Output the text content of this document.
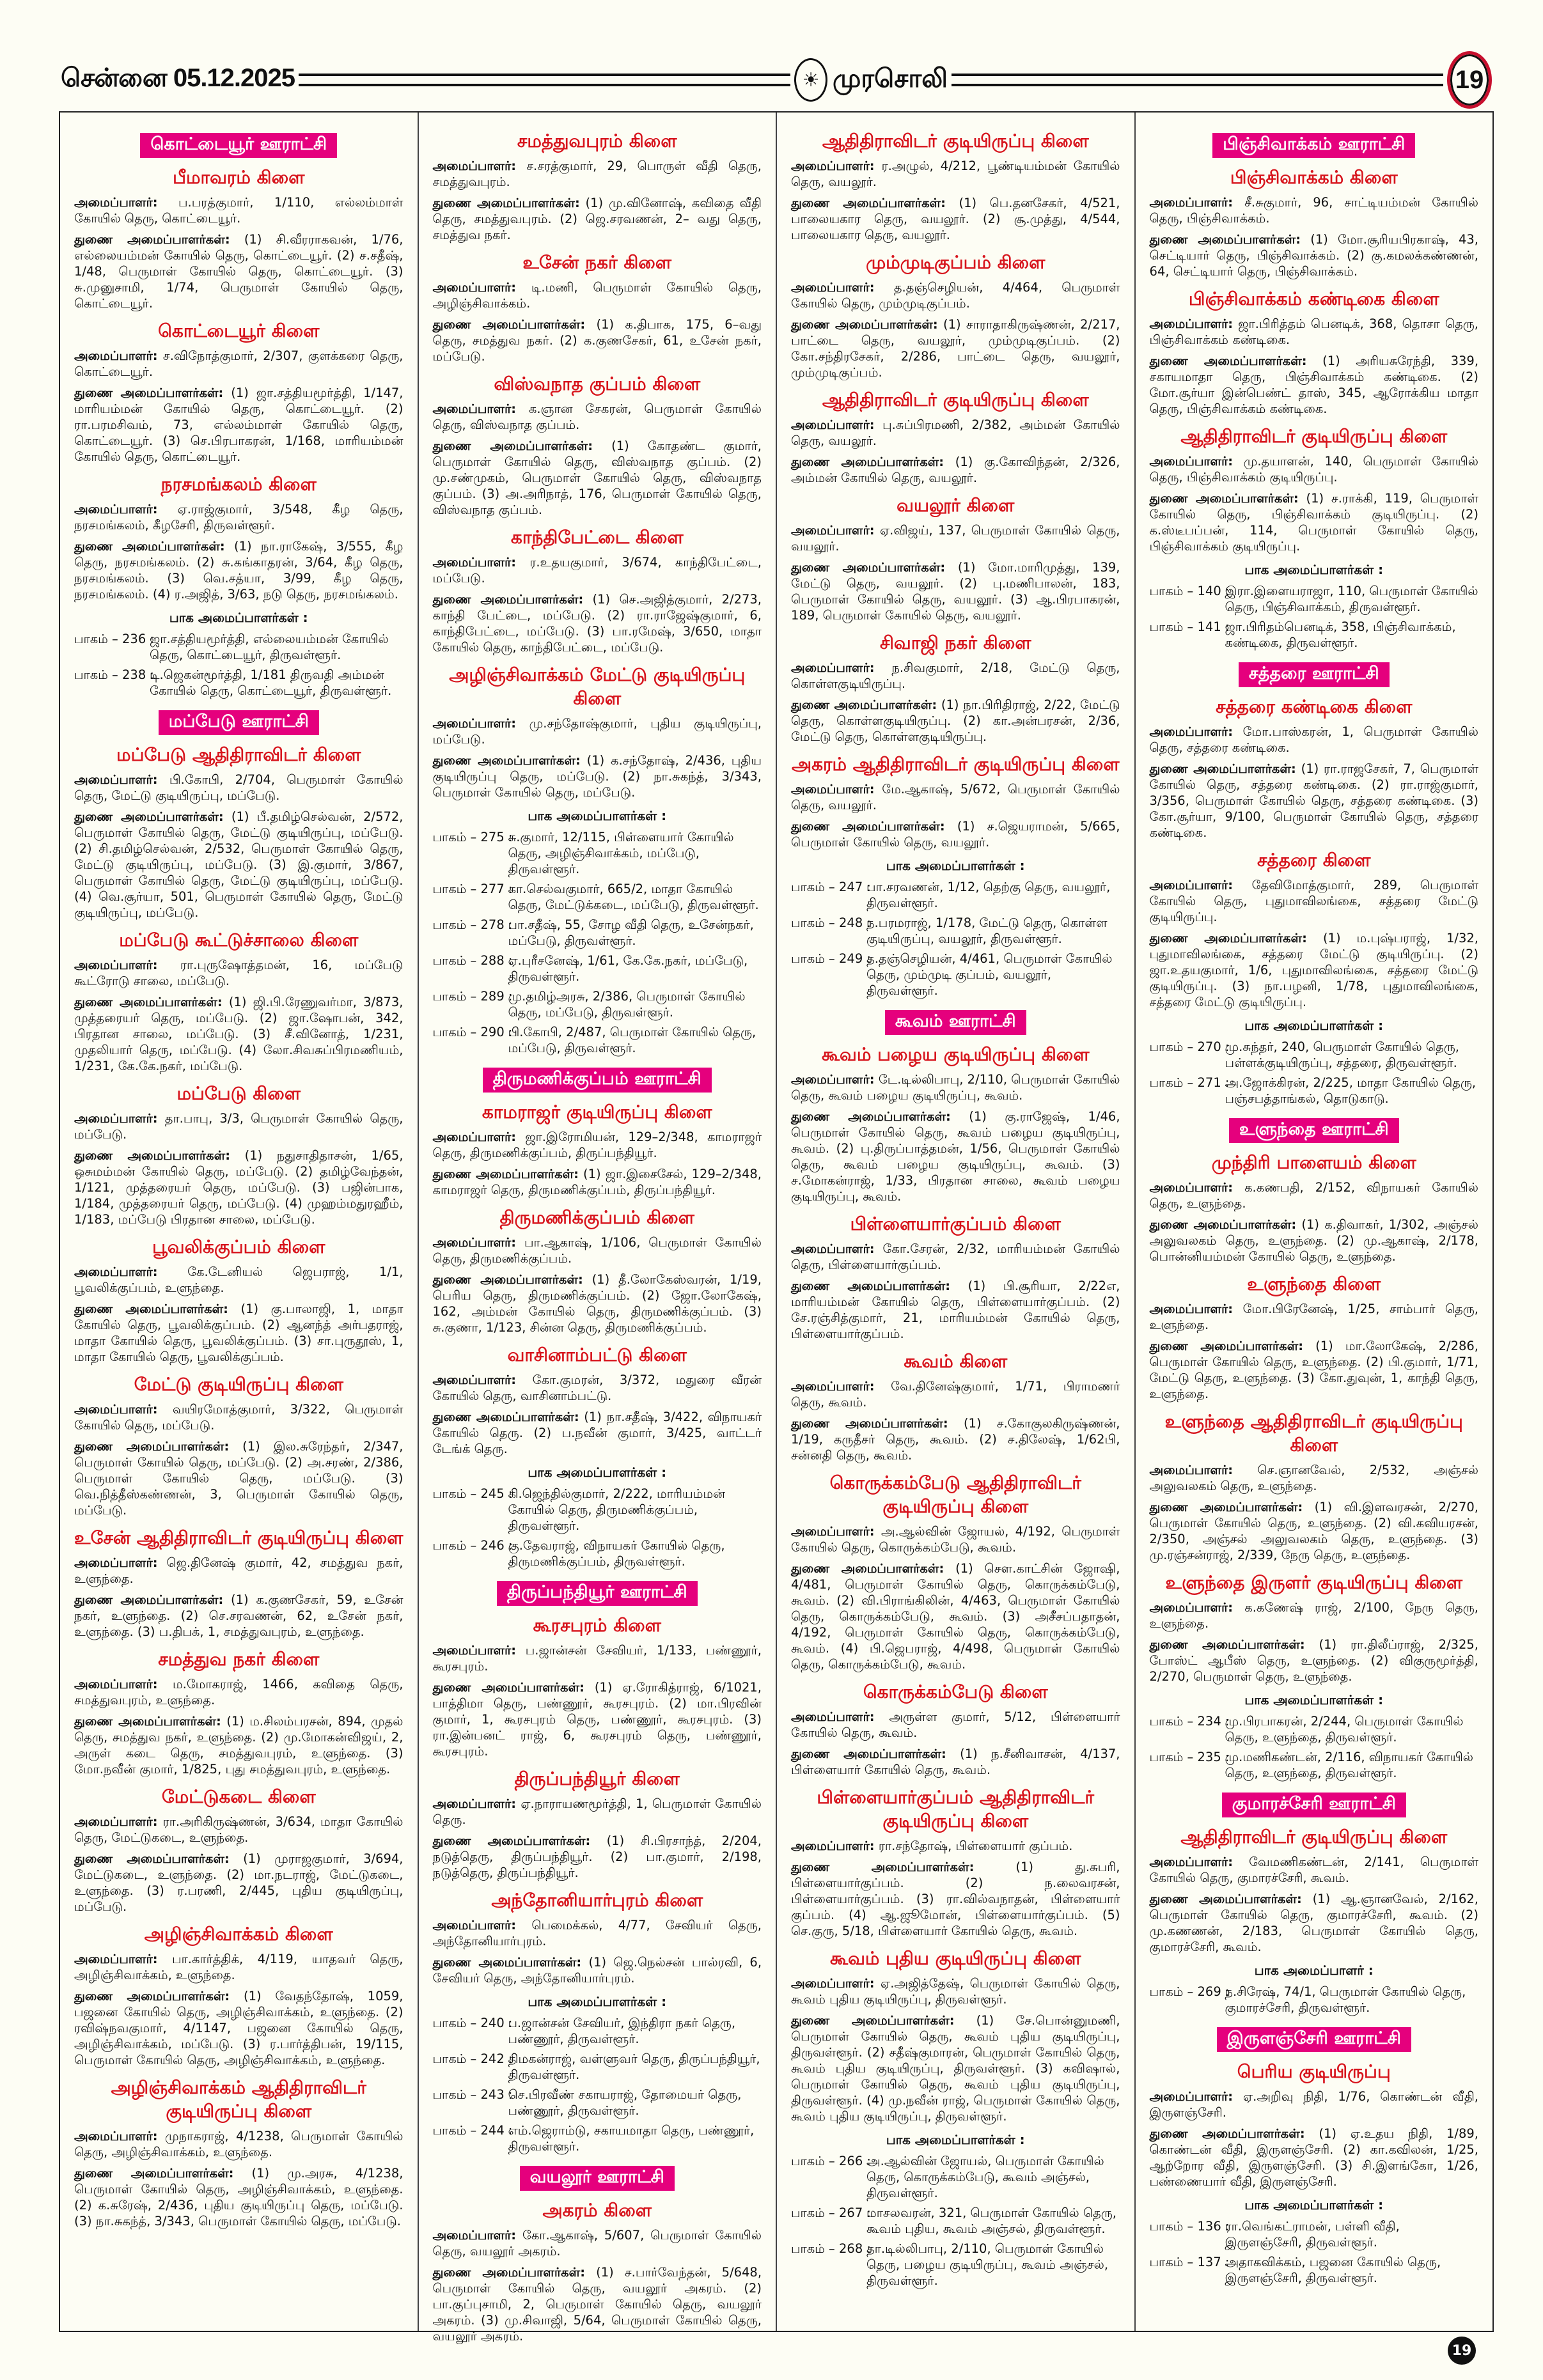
சென்னை 05.12.2025	☀ முரசொலி	19
கொட்டையூர் ஊராட்சி
பீமாவரம் கிளை
அமைப்பாளர்: ப.பரத்குமார், 1/110, எல்லம்மாள் கோயில் தெரு, கொட்டையூர்.
துணை அமைப்பாளர்கள்: (1) சி.வீரராகவன், 1/76, எல்லையம்மன் கோயில் தெரு, கொட்டையூர். (2) ச.சதீஷ், 1/48, பெருமாள் கோயில் தெரு, கொட்டையூர். (3) சு.முனுசாமி, 1/74, பெருமாள் கோயில் தெரு, கொட்டையூர்.
கொட்டையூர் கிளை
அமைப்பாளர்: ச.விநோத்குமார், 2/307, குளக்கரை தெரு, கொட்டையூர்.
துணை அமைப்பாளர்கள்: (1) ஜா.சத்தியமூர்த்தி, 1/147, மாரியம்மன் கோயில் தெரு, கொட்டையூர். (2) ரா.பரமசிவம், 73, எல்லம்மாள் கோயில் தெரு, கொட்டையூர். (3) செ.பிரபாகரன், 1/168, மாரியம்மன் கோயில் தெரு, கொட்டையூர்.
நரசமங்கலம் கிளை
அமைப்பாளர்: ஏ.ராஜ்குமார், 3/548, கீழ தெரு, நரசமங்கலம், கீழசேரி, திருவள்ளூர்.
துணை அமைப்பாளர்கள்: (1) நா.ராகேஷ், 3/555, கீழ தெரு, நரசமங்கலம். (2) சு.கங்காதரன், 3/64, கீழ தெரு, நரசமங்கலம். (3) வெ.சத்யா, 3/99, கீழ தெரு, நரசமங்கலம். (4) ர.அஜித், 3/63, நடு தெரு, நரசமங்கலம்.
பாக அமைப்பாளர்கள் :
பாகம் – 236 :
ஜா.சத்தியமூர்த்தி, எல்லையம்மன் கோயில் தெரு, கொட்டையூர், திருவள்ளூர்.
பாகம் – 238 :
டி.ஜெகன்மூர்த்தி, 1/181 திருவதி அம்மன் கோயில் தெரு, கொட்டையூர், திருவள்ளூர்.
மப்பேடு ஊராட்சி
மப்பேடு ஆதிதிராவிடர் கிளை
அமைப்பாளர்: பி.கோபி, 2/704, பெருமாள் கோயில் தெரு, மேட்டு குடியிருப்பு, மப்பேடு.
துணை அமைப்பாளர்கள்: (1) பீ.தமிழ்செல்வன், 2/572, பெருமாள் கோயில் தெரு, மேட்டு குடியிருப்பு, மப்பேடு. (2) சி.தமிழ்செல்வன், 2/532, பெருமாள் கோயில் தெரு, மேட்டு குடியிருப்பு, மப்பேடு. (3) இ.குமார், 3/867, பெருமாள் கோயில் தெரு, மேட்டு குடியிருப்பு, மப்பேடு. (4) வெ.சூர்யா, 501, பெருமாள் கோயில் தெரு, மேட்டு குடியிருப்பு, மப்பேடு.
மப்பேடு கூட்டுச்சாலை கிளை
அமைப்பாளர்: ரா.புருஷோத்தமன், 16, மப்பேடு கூட்ரோடு சாலை, மப்பேடு.
துணை அமைப்பாளர்கள்: (1) ஜி.பி.ரேணுவர்மா, 3/873, முத்தரையர் தெரு, மப்பேடு. (2) ஜா.ஷோபன், 342, பிரதான சாலை, மப்பேடு. (3) சீ.வினோத், 1/231, முதலியார் தெரு, மப்பேடு. (4) லோ.சிவசுப்பிரமணியம், 1/231, கே.கே.நகர், மப்பேடு.
மப்பேடு கிளை
அமைப்பாளர்: தா.பாபு, 3/3, பெருமாள் கோயில் தெரு, மப்பேடு.
துணை அமைப்பாளர்கள்: (1) நதுசாதிதாசன், 1/65, ஒசுமம்மன் கோயில் தெரு, மப்பேடு. (2) தமிழ்வேந்தன், 1/121, முத்தரையர் தெரு, மப்பேடு. (3) பஜின்பாக, 1/184, முத்தரையர் தெரு, மப்பேடு. (4) முஹம்மதுரஹீம், 1/183, மப்பேடு பிரதான சாலை, மப்பேடு.
பூவலிக்குப்பம் கிளை
அமைப்பாளர்: கே.டேனியல் ஜெபராஜ், 1/1, பூவலிக்குப்பம், உளுந்தை.
துணை அமைப்பாளர்கள்: (1) கு.பாலாஜி, 1, மாதா கோயில் தெரு, பூவலிக்குப்பம். (2) ஆனந்த் அர்பதராஜ், மாதா கோயில் தெரு, பூவலிக்குப்பம். (3) சா.புருதூஸ், 1, மாதா கோயில் தெரு, பூவலிக்குப்பம்.
மேட்டு குடியிருப்பு கிளை
அமைப்பாளர்: வயிரமோத்குமார், 3/322, பெருமாள் கோயில் தெரு, மப்பேடு.
துணை அமைப்பாளர்கள்: (1) இல.சுரேந்தர், 2/347, பெருமாள் கோயில் தெரு, மப்பேடு. (2) அ.சரண், 2/386, பெருமாள் கோயில் தெரு, மப்பேடு. (3) வெ.நித்தீஸ்கண்ணன், 3, பெருமாள் கோயில் தெரு, மப்பேடு.
உசேன் ஆதிதிராவிடர் குடியிருப்பு கிளை
அமைப்பாளர்: ஜெ.தினேஷ் குமார், 42, சமத்துவ நகர், உளுந்தை.
துணை அமைப்பாளர்கள்: (1) க.குணசேகர், 59, உசேன் நகர், உளுந்தை. (2) செ.சரவணன், 62, உசேன் நகர், உளுந்தை. (3) ப.திபக், 1, சமத்துவபுரம், உளுந்தை.
சமத்துவ நகர் கிளை
அமைப்பாளர்: ம.மோகராஜ், 1466, கவிதை தெரு, சமத்துவபுரம், உளுந்தை.
துணை அமைப்பாளர்கள்: (1) ம.சிலம்பரசன், 894, முதல் தெரு, சமத்துவ நகர், உளுந்தை. (2) மு.மோகன்விஜய், 2, அருள் கடை தெரு, சமத்துவபுரம், உளுந்தை. (3) மோ.நவீன் குமார், 1/825, புது சமத்துவபுரம், உளுந்தை.
மேட்டுகடை கிளை
அமைப்பாளர்: ரா.அரிகிருஷ்ணன், 3/634, மாதா கோயில் தெரு, மேட்டுகடை, உளுந்தை.
துணை அமைப்பாளர்கள்: (1) முராஜகுமார், 3/694, மேட்டுகடை, உளுந்தை. (2) மா.நடராஜ், மேட்டுகடை, உளுந்தை. (3) ர.பரணி, 2/445, புதிய குடியிருப்பு, மப்பேடு.
அழிஞ்சிவாக்கம் கிளை
அமைப்பாளர்: பா.கார்த்திக், 4/119, யாதவர் தெரு, அழிஞ்சிவாக்கம், உளுந்தை.
துணை அமைப்பாளர்கள்: (1) வேதந்தோஷ், 1059, பஜனை கோயில் தெரு, அழிஞ்சிவாக்கம், உளுந்தை. (2) ரவிஷ்நவகுமார், 4/1147, பஜனை கோயில் தெரு, அழிஞ்சிவாக்கம், மப்பேடு. (3) ர.பார்த்திபன், 19/115, பெருமாள் கோயில் தெரு, அழிஞ்சிவாக்கம், உளுந்தை.
அழிஞ்சிவாக்கம் ஆதிதிராவிடர் குடியிருப்பு கிளை
அமைப்பாளர்: முநாகராஜ், 4/1238, பெருமாள் கோயில் தெரு, அழிஞ்சிவாக்கம், உளுந்தை.
துணை அமைப்பாளர்கள்: (1) மு.அரசு, 4/1238, பெருமாள் கோயில் தெரு, அழிஞ்சிவாக்கம், உளுந்தை. (2) க.சுரேஷ், 2/436, புதிய குடியிருப்பு தெரு, மப்பேடு. (3) நா.சுகந்த், 3/343, பெருமாள் கோயில் தெரு, மப்பேடு.
சமத்துவபுரம் கிளை
அமைப்பாளர்: ச.சரத்குமார், 29, பொருள் வீதி தெரு, சமத்துவபுரம்.
துணை அமைப்பாளர்கள்: (1) மு.வினோஷ், கவிதை வீதி தெரு, சமத்துவபுரம். (2) ஜெ.சரவணன், 2– வது தெரு, சமத்துவ நகர்.
உசேன் நகர் கிளை
அமைப்பாளர்: டி.மணி, பெருமாள் கோயில் தெரு, அழிஞ்சிவாக்கம்.
துணை அமைப்பாளர்கள்: (1) க.திபாக, 175, 6–வது தெரு, சமத்துவ நகர். (2) க.குணசேகர், 61, உசேன் நகர், மப்பேடு.
விஸ்வநாத குப்பம் கிளை
அமைப்பாளர்: க.ஞான சேகரன், பெருமாள் கோயில் தெரு, விஸ்வநாத குப்பம்.
துணை அமைப்பாளர்கள்: (1) கோதண்ட குமார், பெருமாள் கோயில் தெரு, விஸ்வநாத குப்பம். (2) மு.சண்முகம், பெருமாள் கோயில் தெரு, விஸ்வநாத குப்பம். (3) அ.அரிநாத், 176, பெருமாள் கோயில் தெரு, விஸ்வநாத குப்பம்.
காந்திபேட்டை கிளை
அமைப்பாளர்: ர.உதயகுமார், 3/674, காந்திபேட்டை, மப்பேடு.
துணை அமைப்பாளர்கள்: (1) செ.அஜித்குமார், 2/273, காந்தி பேட்டை, மப்பேடு. (2) ரா.ராஜேஷ்குமார், 6, காந்திபேட்டை, மப்பேடு. (3) பா.ரமேஷ், 3/650, மாதா கோயில் தெரு, காந்திபேட்டை, மப்பேடு.
அழிஞ்சிவாக்கம் மேட்டு குடியிருப்பு கிளை
அமைப்பாளர்: மு.சந்தோஷ்குமார், புதிய குடியிருப்பு, மப்பேடு.
துணை அமைப்பாளர்கள்: (1) க.சந்தோஷ், 2/436, புதிய குடியிருப்பு தெரு, மப்பேடு. (2) நா.சுகந்த், 3/343, பெருமாள் கோயில் தெரு, மப்பேடு.
பாக அமைப்பாளர்கள் :
பாகம் – 275 :
சு.குமார், 12/115, பிள்ளையார் கோயில் தெரு, அழிஞ்சிவாக்கம், மப்பேடு, திருவள்ளூர்.
பாகம் – 277 :
கா.செல்வகுமார், 665/2, மாதா கோயில் தெரு, மேட்டுக்கடை, மப்பேடு, திருவள்ளூர்.
பாகம் – 278 :
பா.சதீஷ், 55, சோழ வீதி தெரு, உசேன்நகர், மப்பேடு, திருவள்ளூர்.
பாகம் – 288 :
ஏ.புரீசனேஷ், 1/61, கே.கே.நகர், மப்பேடு, திருவள்ளூர்.
பாகம் – 289 :
மு.தமிழ்அரசு, 2/386, பெருமாள் கோயில் தெரு, மப்பேடு, திருவள்ளூர்.
பாகம் – 290 :
பி.கோபி, 2/487, பெருமாள் கோயில் தெரு, மப்பேடு, திருவள்ளூர்.
திருமணிக்குப்பம் ஊராட்சி
காமராஜர் குடியிருப்பு கிளை
அமைப்பாளர்: ஜா.இரோமியன், 129–2/348, காமராஜர் தெரு, திருமணிக்குப்பம், திருப்பந்தியூர்.
துணை அமைப்பாளர்கள்: (1) ஜா.இசைசேல், 129–2/348, காமராஜர் தெரு, திருமணிக்குப்பம், திருப்பந்தியூர்.
திருமணிக்குப்பம் கிளை
அமைப்பாளர்: பா.ஆகாஷ், 1/106, பெருமாள் கோயில் தெரு, திருமணிக்குப்பம்.
துணை அமைப்பாளர்கள்: (1) தீ.லோகேஸ்வரன், 1/19, பெரிய தெரு, திருமணிக்குப்பம். (2) ஜோ.லோகேஷ், 162, அம்மன் கோயில் தெரு, திருமணிக்குப்பம். (3) சு.குணா, 1/123, சின்ன தெரு, திருமணிக்குப்பம்.
வாசினாம்பட்டு கிளை
அமைப்பாளர்: கோ.குமரன், 3/372, மதுரை வீரன் கோயில் தெரு, வாசினாம்பட்டு.
துணை அமைப்பாளர்கள்: (1) நா.சதீஷ், 3/422, விநாயகர் கோயில் தெரு. (2) ப.நவீன் குமார், 3/425, வாட்டர் டேங்க் தெரு.
பாக அமைப்பாளர்கள் :
பாகம் – 245 :
கி.ஜெந்தில்குமார், 2/222, மாரியம்மன் கோயில் தெரு, திருமணிக்குப்பம், திருவள்ளூர்.
பாகம் – 246 :
கு.தேவராஜ், விநாயகர் கோயில் தெரு, திருமணிக்குப்பம், திருவள்ளூர்.
திருப்பந்தியூர் ஊராட்சி
கூரசபுரம் கிளை
அமைப்பாளர்: ப.ஜான்சன் சேவியர், 1/133, பண்ணூர், கூரசபுரம்.
துணை அமைப்பாளர்கள்: (1) ஏ.ரோகித்ராஜ், 6/1021, பாத்திமா தெரு, பண்ணூர், கூரசபுரம். (2) மா.பிரவின் குமார், 1, கூரசபுரம் தெரு, பண்ணூர், கூரசபுரம். (3) ரா.இன்பனட் ராஜ், 6, கூரசபுரம் தெரு, பண்ணூர், கூரசபுரம்.
திருப்பந்தியூர் கிளை
அமைப்பாளர்: ஏ.நாராயணமூர்த்தி, 1, பெருமாள் கோயில் தெரு.
துணை அமைப்பாளர்கள்: (1) சி.பிரசாந்த், 2/204, நடுத்தெரு, திருப்பந்தியூர். (2) பா.குமார், 2/198, நடுத்தெரு, திருப்பந்தியூர்.
அந்தோனியார்புரம் கிளை
அமைப்பாளர்: பெமைக்கல், 4/77, சேவியர் தெரு, அந்தோனியார்புரம்.
துணை அமைப்பாளர்கள்: (1) ஜெ.நெல்சன் பால்ரவி, 6, சேவியர் தெரு, அந்தோனியார்புரம்.
பாக அமைப்பாளர்கள் :
பாகம் – 240 :
ப.ஜான்சன் சேவியர், இந்திரா நகர் தெரு, பண்ணூர், திருவள்ளூர்.
பாகம் – 242 :
திமகன்ராஜ், வள்ளுவர் தெரு, திருப்பந்தியூர், திருவள்ளூர்.
பாகம் – 243 :
செ.பிரவீண் சகாயராஜ், தோமையர் தெரு, பண்ணூர், திருவள்ளூர்.
பாகம் – 244 :
எம்.ஜெராம்டு, சகாயமாதா தெரு, பண்ணூர், திருவள்ளூர்.
வயலூர் ஊராட்சி
அகரம் கிளை
அமைப்பாளர்: கோ.ஆகாஷ், 5/607, பெருமாள் கோயில் தெரு, வயலூர் அகரம்.
துணை அமைப்பாளர்கள்: (1) ச.பார்வேந்தன், 5/648, பெருமாள் கோயில் தெரு, வயலூர் அகரம். (2) பா.குப்புசாமி, 2, பெருமாள் கோயில் தெரு, வயலூர் அகரம். (3) மு.சிவாஜி, 5/64, பெருமாள் கோயில் தெரு, வயலூர் அகரம்.
ஆதிதிராவிடர் குடியிருப்பு கிளை
அமைப்பாளர்: ர.அழுல், 4/212, பூண்டியம்மன் கோயில் தெரு, வயலூர்.
துணை அமைப்பாளர்கள்: (1) பெ.தனசேகர், 4/521, பாலையகார தெரு, வயலூர். (2) சூ.முத்து, 4/544, பாலையகார தெரு, வயலூர்.
மும்முடிகுப்பம் கிளை
அமைப்பாளர்: த.தஞ்செழியன், 4/464, பெருமாள் கோயில் தெரு, மும்முடிகுப்பம்.
துணை அமைப்பாளர்கள்: (1) சாராதாகிருஷ்ணன், 2/217, பாட்டை தெரு, வயலூர், மும்முடிகுப்பம். (2) கோ.சந்திரசேகர், 2/286, பாட்டை தெரு, வயலூர், மும்முடிகுப்பம்.
ஆதிதிராவிடர் குடியிருப்பு கிளை
அமைப்பாளர்: பு.சுப்பிரமணி, 2/382, அம்மன் கோயில் தெரு, வயலூர்.
துணை அமைப்பாளர்கள்: (1) கு.கோவிந்தன், 2/326, அம்மன் கோயில் தெரு, வயலூர்.
வயலூர் கிளை
அமைப்பாளர்: ஏ.விஜய், 137, பெருமாள் கோயில் தெரு, வயலூர்.
துணை அமைப்பாளர்கள்: (1) மோ.மாரிமுத்து, 139, மேட்டு தெரு, வயலூர். (2) பு.மணிபாலன், 183, பெருமாள் கோயில் தெரு, வயலூர். (3) ஆ.பிரபாகரன், 189, பெருமாள் கோயில் தெரு, வயலூர்.
சிவாஜி நகர் கிளை
அமைப்பாளர்: ந.சிவகுமார், 2/18, மேட்டு தெரு, கொள்ளகுடியிருப்பு.
துணை அமைப்பாளர்கள்: (1) நா.பிரிதிராஜ், 2/22, மேட்டு தெரு, கொள்ளகுடியிருப்பு. (2) கா.அன்பரசன், 2/36, மேட்டு தெரு, கொள்ளகுடியிருப்பு.
அகரம் ஆதிதிராவிடர் குடியிருப்பு கிளை
அமைப்பாளர்: மே.ஆகாஷ், 5/672, பெருமாள் கோயில் தெரு, வயலூர்.
துணை அமைப்பாளர்கள்: (1) ச.ஜெயராமன், 5/665, பெருமாள் கோயில் தெரு, வயலூர்.
பாக அமைப்பாளர்கள் :
பாகம் – 247 :
பா.சரவணன், 1/12, தெற்கு தெரு, வயலூர், திருவள்ளூர்.
பாகம் – 248 :
ந.பரமராஜ், 1/178, மேட்டு தெரு, கொள்ள குடியிருப்பு, வயலூர், திருவள்ளூர்.
பாகம் – 249 :
த.தஞ்செழியன், 4/461, பெருமாள் கோயில் தெரு, மும்முடி குப்பம், வயலூர், திருவள்ளூர்.
கூவம் ஊராட்சி
கூவம் பழைய குடியிருப்பு கிளை
அமைப்பாளர்: டே.டில்லிபாபு, 2/110, பெருமாள் கோயில் தெரு, கூவம் பழைய குடியிருப்பு, கூவம்.
துணை அமைப்பாளர்கள்: (1) கு.ராஜேஷ், 1/46, பெருமாள் கோயில் தெரு, கூவம் பழைய குடியிருப்பு, கூவம். (2) பு.திருப்பாத்தமன், 1/56, பெருமாள் கோயில் தெரு, கூவம் பழைய குடியிருப்பு, கூவம். (3) ச.மோகன்ராஜ், 1/33, பிரதான சாலை, கூவம் பழைய குடியிருப்பு, கூவம்.
பிள்ளையார்குப்பம் கிளை
அமைப்பாளர்: கோ.சேரன், 2/32, மாரியம்மன் கோயில் தெரு, பிள்ளையார்குப்பம்.
துணை அமைப்பாளர்கள்: (1) பி.சூரியா, 2/22எ, மாரியம்மன் கோயில் தெரு, பிள்ளையார்குப்பம். (2) சே.ரஞ்சித்குமார், 21, மாரியம்மன் கோயில் தெரு, பிள்ளையார்குப்பம்.
கூவம் கிளை
அமைப்பாளர்: வே.தினேஷ்குமார், 1/71, பிராமணர் தெரு, கூவம்.
துணை அமைப்பாளர்கள்: (1) ச.கோகுலகிருஷ்ணன், 1/19, கருதீசர் தெரு, கூவம். (2) ச.திலேஷ், 1/62பி, சன்னதி தெரு, கூவம்.
கொருக்கம்பேடு ஆதிதிராவிடர் குடியிருப்பு கிளை
அமைப்பாளர்: அ.ஆல்வின் ஜோயல், 4/192, பெருமாள் கோயில் தெரு, கொருக்கம்பேடு, கூவம்.
துணை அமைப்பாளர்கள்: (1) செள.காட்சின் ஜோஷி, 4/481, பெருமாள் கோயில் தெரு, கொருக்கம்பேடு, கூவம். (2) வி.பிராங்கிலின், 4/463, பெருமாள் கோயில் தெரு, கொருக்கம்பேடு, கூவம். (3) அசீசப்பதாதன், 4/192, பெருமாள் கோயில் தெரு, கொருக்கம்பேடு, கூவம். (4) பி.ஜெபராஜ், 4/498, பெருமாள் கோயில் தெரு, கொருக்கம்பேடு, கூவம்.
கொருக்கம்பேடு கிளை
அமைப்பாளர்: அருள்ள குமார், 5/12, பிள்ளையார் கோயில் தெரு, கூவம்.
துணை அமைப்பாளர்கள்: (1) ந.சீனிவாசன், 4/137, பிள்ளையார் கோயில் தெரு, கூவம்.
பிள்ளையார்குப்பம் ஆதிதிராவிடர் குடியிருப்பு கிளை
அமைப்பாளர்: ரா.சந்தோஷ், பிள்ளையார் குப்பம்.
துணை அமைப்பாளர்கள்:	(1) து.சுபரி, பிள்ளையார்குப்பம். (2) ந.லைவரசன், பிள்ளையார்குப்பம். (3) ரா.வில்வநாதன், பிள்ளையார் குப்பம். (4) ஆ.ஜூமோன், பிள்ளையார்குப்பம். (5) செ.குரு, 5/18, பிள்ளையார் கோயில் தெரு, கூவம்.
கூவம் புதிய குடியிருப்பு கிளை
அமைப்பாளர்: ஏ.அஜித்தேஷ், பெருமாள் கோயில் தெரு, கூவம் புதிய குடியிருப்பு, திருவள்ளூர்.
துணை அமைப்பாளர்கள்: (1) சே.பொன்னுமணி, பெருமாள் கோயில் தெரு, கூவம் புதிய குடியிருப்பு, திருவள்ளூர். (2) சதீஷ்குமாரன், பெருமாள் கோயில் தெரு, கூவம் புதிய குடியிருப்பு, திருவள்ளூர். (3) கவிஷால், பெருமாள் கோயில் தெரு, கூவம் புதிய குடியிருப்பு, திருவள்ளூர். (4) மு.நவீன் ராஜ், பெருமாள் கோயில் தெரு, கூவம் புதிய குடியிருப்பு, திருவள்ளூர்.
பாக அமைப்பாளர்கள் :
பாகம் – 266 :
அ.ஆல்வின் ஜோயல், பெருமாள் கோயில் தெரு, கொருக்கம்பேடு, கூவம் அஞ்சல், திருவள்ளூர்.
பாகம் – 267 :
மாசலவரன், 321, பெருமாள் கோயில் தெரு, கூவம் புதிய, கூவம் அஞ்சல், திருவள்ளூர்.
பாகம் – 268 :
தா.டில்லிபாபு, 2/110, பெருமாள் கோயில் தெரு, பழைய குடியிருப்பு, கூவம் அஞ்சல், திருவள்ளூர்.
பிஞ்சிவாக்கம் ஊராட்சி
பிஞ்சிவாக்கம் கிளை
அமைப்பாளர்: சீ.சுகுமார், 96, சாட்டியம்மன் கோயில் தெரு, பிஞ்சிவாக்கம்.
துணை அமைப்பாளர்கள்: (1) மோ.சூரியபிரகாஷ், 43, செட்டியார் தெரு, பிஞ்சிவாக்கம். (2) கு.கமலக்கண்ணன், 64, செட்டியார் தெரு, பிஞ்சிவாக்கம்.
பிஞ்சிவாக்கம் கண்டிகை கிளை
அமைப்பாளர்: ஜா.பிரித்தம் பெனடிக், 368, தொசா தெரு, பிஞ்சிவாக்கம் கண்டிகை.
துணை அமைப்பாளர்கள்: (1) அரியசுரேந்தி, 339, சகாயமாதா தெரு, பிஞ்சிவாக்கம் கண்டிகை. (2) மோ.சூர்யா இன்பெண்ட் தாஸ், 345, ஆரோக்கிய மாதா தெரு, பிஞ்சிவாக்கம் கண்டிகை.
ஆதிதிராவிடர் குடியிருப்பு கிளை
அமைப்பாளர்: மு.தயாளன், 140, பெருமாள் கோயில் தெரு, பிஞ்சிவாக்கம் குடியிருப்பு.
துணை அமைப்பாளர்கள்: (1) ச.ராக்கி, 119, பெருமாள் கோயில் தெரு, பிஞ்சிவாக்கம் குடியிருப்பு. (2) க.ஸ்டீபப்பன், 114, பெருமாள் கோயில் தெரு, பிஞ்சிவாக்கம் குடியிருப்பு.
பாக அமைப்பாளர்கள் :
பாகம் – 140 :
இரா.இளையராஜா, 110, பெருமாள் கோயில் தெரு, பிஞ்சிவாக்கம், திருவள்ளூர்.
பாகம் – 141 :
ஜா.பிரிதம்பெனடிக், 358, பிஞ்சிவாக்கம், கண்டிகை, திருவள்ளூர்.
சத்தரை ஊராட்சி
சத்தரை கண்டிகை கிளை
அமைப்பாளர்: மோ.பாஸ்கரன், 1, பெருமாள் கோயில் தெரு, சத்தரை கண்டிகை.
துணை அமைப்பாளர்கள்: (1) ரா.ராஜசேகர், 7, பெருமாள் கோயில் தெரு, சத்தரை கண்டிகை. (2) ரா.ராஜ்குமார், 3/356, பெருமாள் கோயில் தெரு, சத்தரை கண்டிகை. (3) கோ.சூர்யா, 9/100, பெருமாள் கோயில் தெரு, சத்தரை கண்டிகை.
சத்தரை கிளை
அமைப்பாளர்: தேவிமோத்குமார், 289, பெருமாள் கோயில் தெரு, புதுமாவிலங்கை, சத்தரை மேட்டு குடியிருப்பு.
துணை அமைப்பாளர்கள்: (1) ம.புஷ்பராஜ், 1/32, புதுமாவிலங்கை, சத்தரை மேட்டு குடியிருப்பு. (2) ஜா.உதயகுமார், 1/6, புதுமாவிலங்கை, சத்தரை மேட்டு குடியிருப்பு. (3) நா.பழனி, 1/78, புதுமாவிலங்கை, சத்தரை மேட்டு குடியிருப்பு.
பாக அமைப்பாளர்கள் :
பாகம் – 270 :
மு.சுந்தர், 240, பெருமாள் கோயில் தெரு, பள்ளக்குடியிருப்பு, சத்தரை, திருவள்ளூர்.
பாகம் – 271 :
அ.ஜோக்கிரன், 2/225, மாதா கோயில் தெரு, பஞ்சபத்தாங்கல், தொடுகாடு.
உளுந்தை ஊராட்சி
முந்திரி பாளையம் கிளை
அமைப்பாளர்: க.கணபதி, 2/152, விநாயகர் கோயில் தெரு, உளுந்தை.
துணை அமைப்பாளர்கள்: (1) க.திவாகர், 1/302, அஞ்சல் அலுவலகம் தெரு, உளுந்தை. (2) மு.ஆகாஷ், 2/178, பொன்னியம்மன் கோயில் தெரு, உளுந்தை.
உளுந்தை கிளை
அமைப்பாளர்: மோ.பிரேனேஷ், 1/25, சாம்பார் தெரு, உளுந்தை.
துணை அமைப்பாளர்கள்: (1) மா.லோகேஷ், 2/286, பெருமாள் கோயில் தெரு, உளுந்தை. (2) பி.குமார், 1/71, மேட்டு தெரு, உளுந்தை. (3) கோ.துவுன், 1, காந்தி தெரு, உளுந்தை.
உளுந்தை ஆதிதிராவிடர் குடியிருப்பு கிளை
அமைப்பாளர்: செ.ஞானவேல், 2/532, அஞ்சல் அலுவலகம் தெரு, உளுந்தை.
துணை அமைப்பாளர்கள்: (1) வி.இளவரசன், 2/270, பெருமாள் கோயில் தெரு, உளுந்தை. (2) வி.கவியரசன், 2/350, அஞ்சல் அலுவலகம் தெரு, உளுந்தை. (3) மு.ரஞ்சன்ராஜ், 2/339, நேரு தெரு, உளுந்தை.
உளுந்தை இருளர் குடியிருப்பு கிளை
அமைப்பாளர்: க.கணேஷ் ராஜ், 2/100, நேரு தெரு, உளுந்தை.
துணை அமைப்பாளர்கள்: (1) ரா.திலீப்ராஜ், 2/325, போஸ்ட் ஆபீஸ் தெரு, உளுந்தை. (2) விகுருமூர்த்தி, 2/270, பெருமாள் தெரு, உளுந்தை.
பாக அமைப்பாளர்கள் :
பாகம் – 234 :
மு.பிரபாகரன், 2/244, பெருமாள் கோயில் தெரு, உளுந்தை, திருவள்ளூர்.
பாகம் – 235 :
மு.மணிகண்டன், 2/116, விநாயகர் கோயில் தெரு, உளுந்தை, திருவள்ளூர்.
குமாரச்சேரி ஊராட்சி
ஆதிதிராவிடர் குடியிருப்பு கிளை
அமைப்பாளர்: வேமணிகண்டன், 2/141, பெருமாள் கோயில் தெரு, குமாரச்சேரி, கூவம்.
துணை அமைப்பாளர்கள்: (1) ஆ.ஞானவேல், 2/162, பெருமாள் கோயில் தெரு, குமாரச்சேரி, கூவம். (2) மு.கணணன், 2/183, பெருமாள் கோயில் தெரு, குமாரச்சேரி, கூவம்.
பாக அமைப்பாளர் :
பாகம் – 269 :
ந.சிரேஷ், 74/1, பெருமாள் கோயில் தெரு, குமாரச்சேரி, திருவள்ளூர்.
இருளஞ்சேரி ஊராட்சி
பெரிய குடியிருப்பு
அமைப்பாளர்: ஏ.அறிவு நிதி, 1/76, கொண்டன் வீதி, இருளஞ்சேரி.
துணை அமைப்பாளர்கள்: (1) ஏ.உதய நிதி, 1/89, கொண்டன் வீதி, இருளஞ்சேரி. (2) கா.கவிலன், 1/25, ஆற்றோர வீதி, இருளஞ்சேரி. (3) சி.இளங்கோ, 1/26, பண்ணையார் வீதி, இருளஞ்சேரி.
பாக அமைப்பாளர்கள் :
பாகம் – 136 :
ரா.வெங்கட்ராமன், பள்ளி வீதி, இருளஞ்சேரி, திருவள்ளூர்.
பாகம் – 137 :
அதாகவிக்கம், பஜனை கோயில் தெரு, இருளஞ்சேரி, திருவள்ளூர்.
19
